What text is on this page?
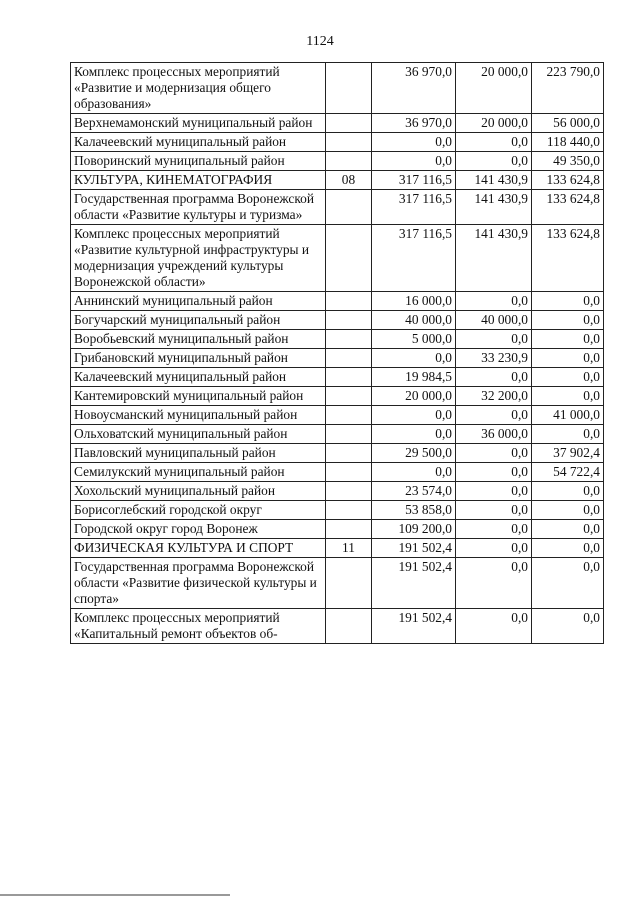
1124
Комплекс процессных мероприятий «Развитие и модернизация общего образования»		36 970,0	20 000,0	223 790,0
Верхнемамонский муниципальный район		36 970,0	20 000,0	56 000,0
Калачеевский муниципальный район		0,0	0,0	118 440,0
Поворинский муниципальный район		0,0	0,0	49 350,0
КУЛЬТУРА, КИНЕМАТОГРАФИЯ	08	317 116,5	141 430,9	133 624,8
Государственная программа Воронежской области «Развитие культуры и туризма»		317 116,5	141 430,9	133 624,8
Комплекс процессных мероприятий «Развитие культурной инфраструктуры и модернизация учреждений культуры Воронежской области»		317 116,5	141 430,9	133 624,8
Аннинский муниципальный район		16 000,0	0,0	0,0
Богучарский муниципальный район		40 000,0	40 000,0	0,0
Воробьевский муниципальный район		5 000,0	0,0	0,0
Грибановский муниципальный район		0,0	33 230,9	0,0
Калачеевский муниципальный район		19 984,5	0,0	0,0
Кантемировский муниципальный район		20 000,0	32 200,0	0,0
Новоусманский муниципальный район		0,0	0,0	41 000,0
Ольховатский муниципальный район		0,0	36 000,0	0,0
Павловский муниципальный район		29 500,0	0,0	37 902,4
Семилукский муниципальный район		0,0	0,0	54 722,4
Хохольский муниципальный район		23 574,0	0,0	0,0
Борисоглебский городской округ		53 858,0	0,0	0,0
Городской округ город Воронеж		109 200,0	0,0	0,0
ФИЗИЧЕСКАЯ КУЛЬТУРА И СПОРТ	11	191 502,4	0,0	0,0
Государственная программа Воронежской области «Развитие физической культуры и спорта»		191 502,4	0,0	0,0
Комплекс процессных мероприятий «Капитальный ремонт объектов об-		191 502,4	0,0	0,0
